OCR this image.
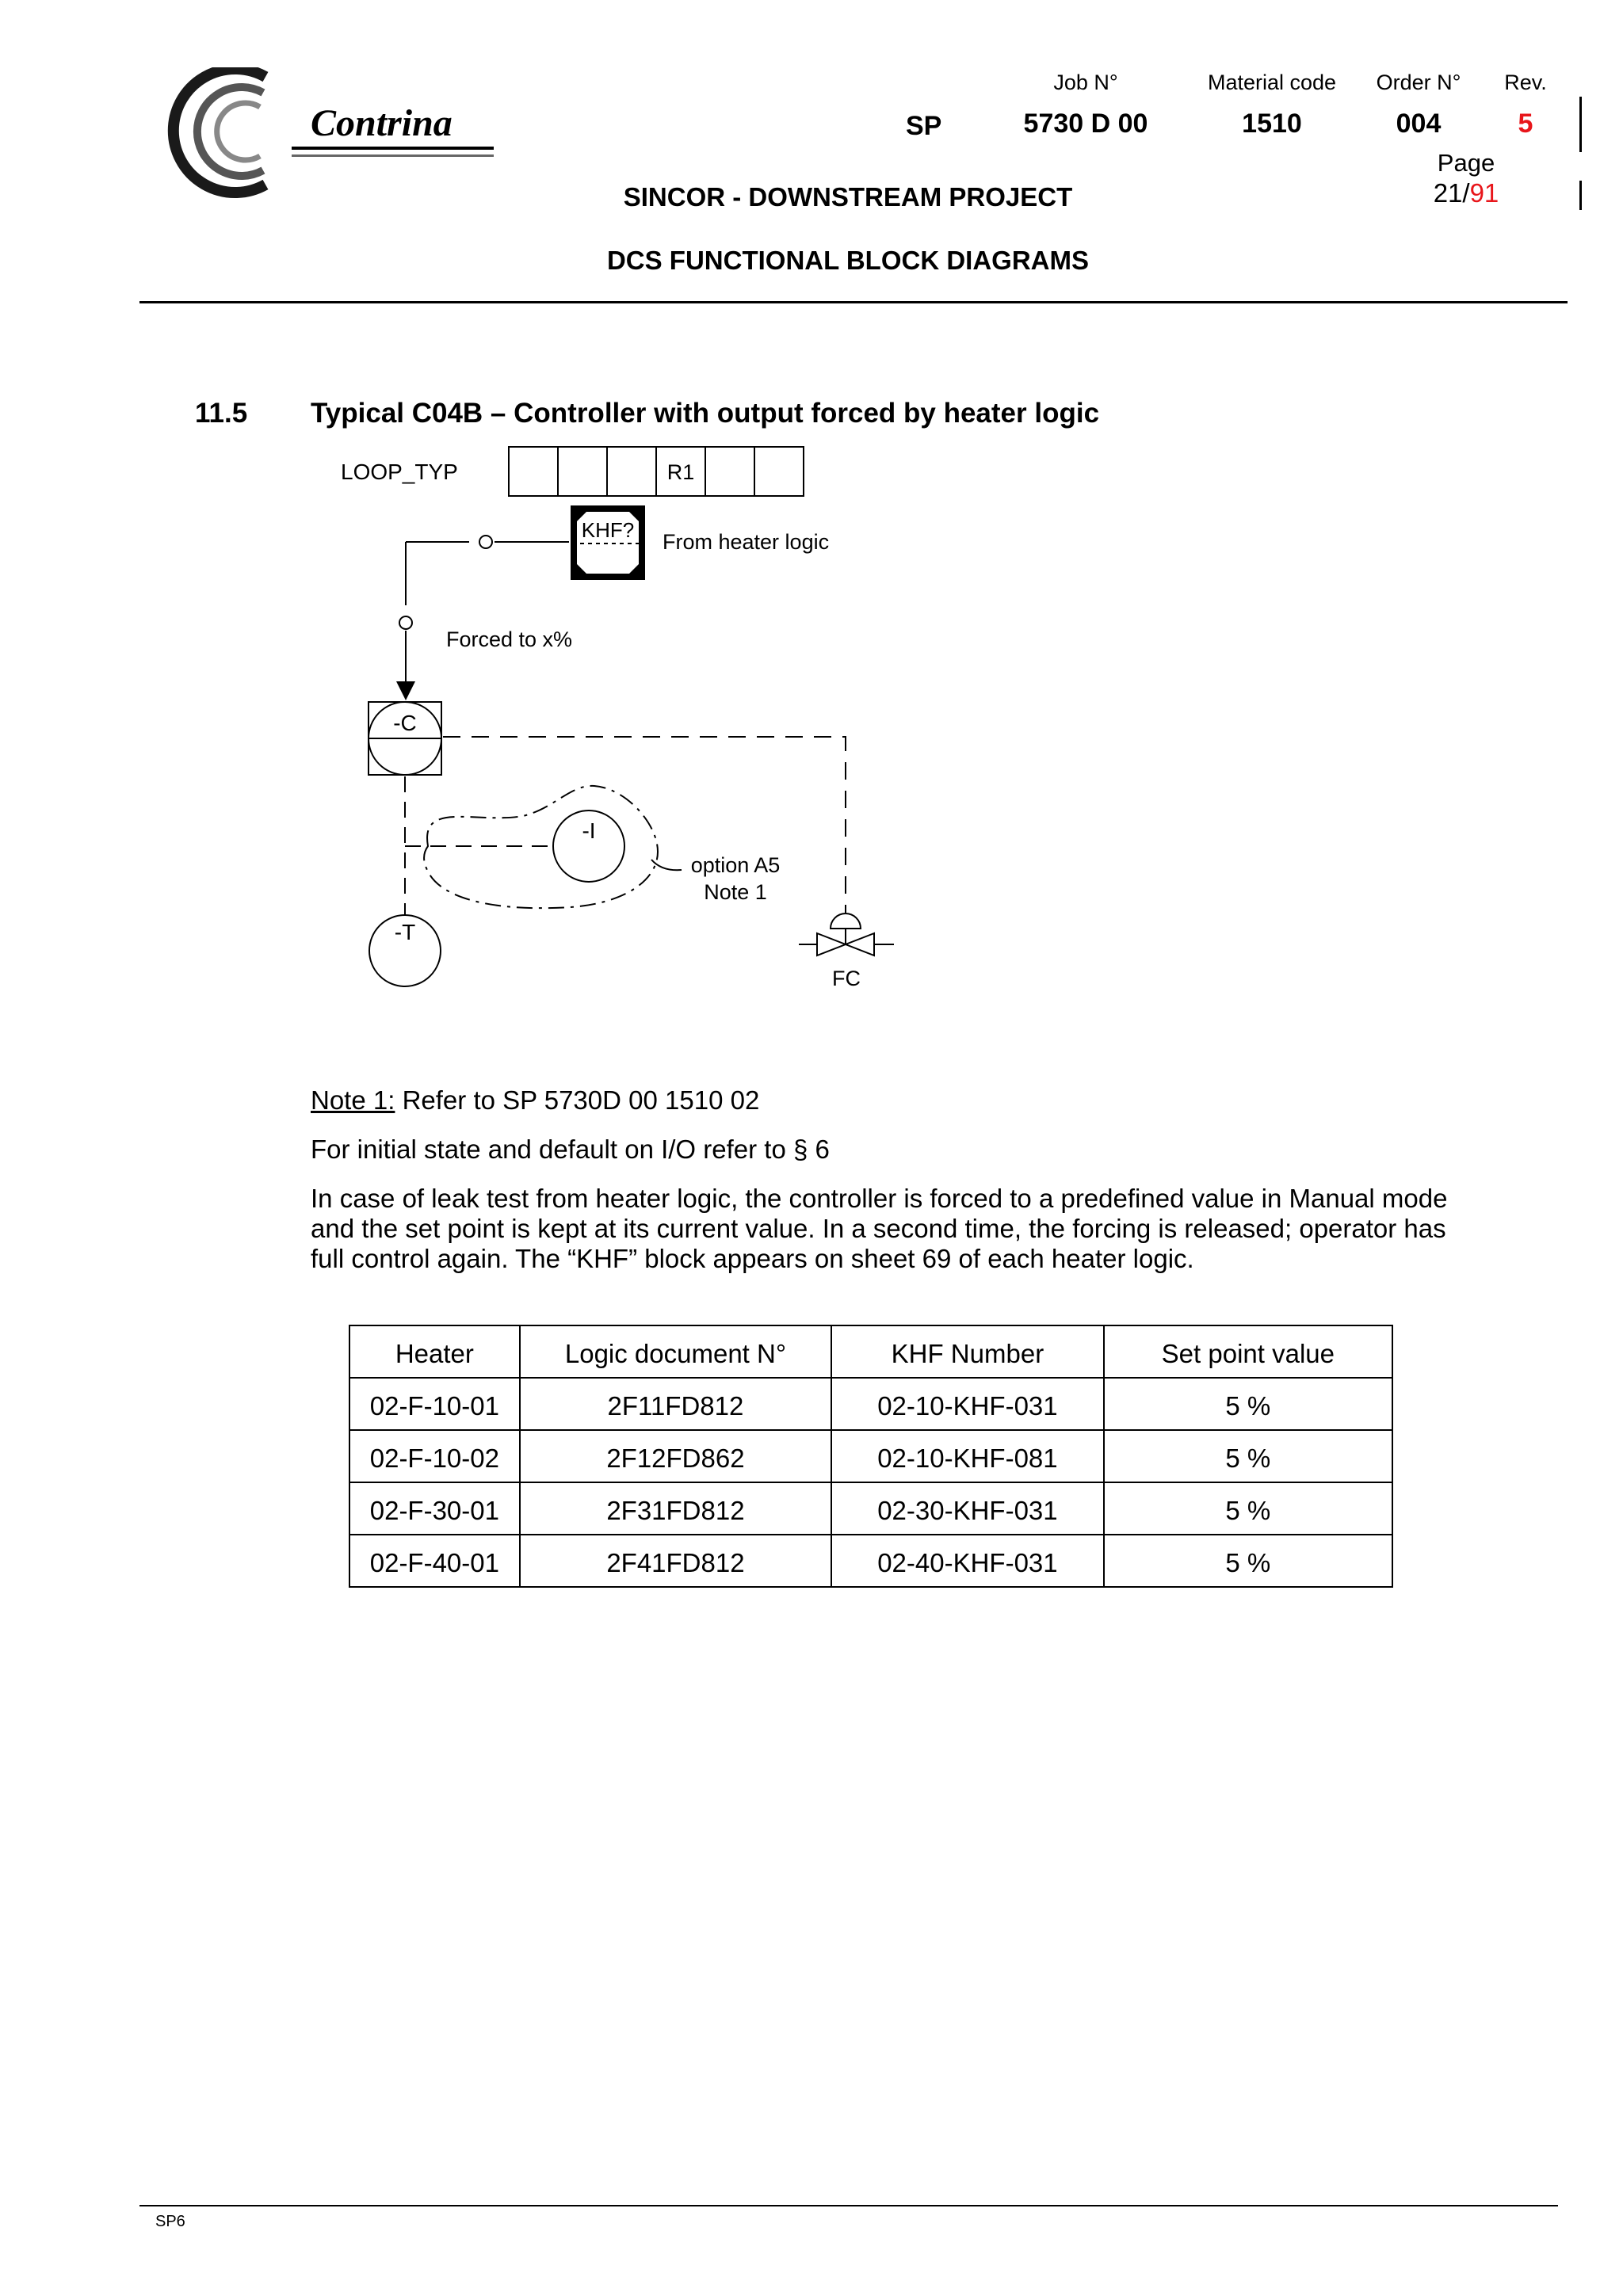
Contrina
Job N°	Material code	Order N°	Rev.
SP	5730 D 00	1510	004	5
Page
21/91
SINCOR - DOWNSTREAM PROJECT
DCS FUNCTIONAL BLOCK DIAGRAMS
11.5 Typical C04B – Controller with output forced by heater logic
LOOP_TYP	R1
KHF? From heater logic
Forced to x%
-C
-I
option A5
Note 1
-T
FC
Note 1: Refer to SP 5730D 00 1510 02
For initial state and default on I/O refer to § 6
In case of leak test from heater logic, the controller is forced to a predefined value in Manual mode
and the set point is kept at its current value. In a second time, the forcing is released; operator has
full control again. The “KHF” block appears on sheet 69 of each heater logic.
Heater	Logic document N°	KHF Number	Set point value
02-F-10-01	2F11FD812	02-10-KHF-031	5 %
02-F-10-02	2F12FD862	02-10-KHF-081	5 %
02-F-30-01	2F31FD812	02-30-KHF-031	5 %
02-F-40-01	2F41FD812	02-40-KHF-031	5 %
SP6
